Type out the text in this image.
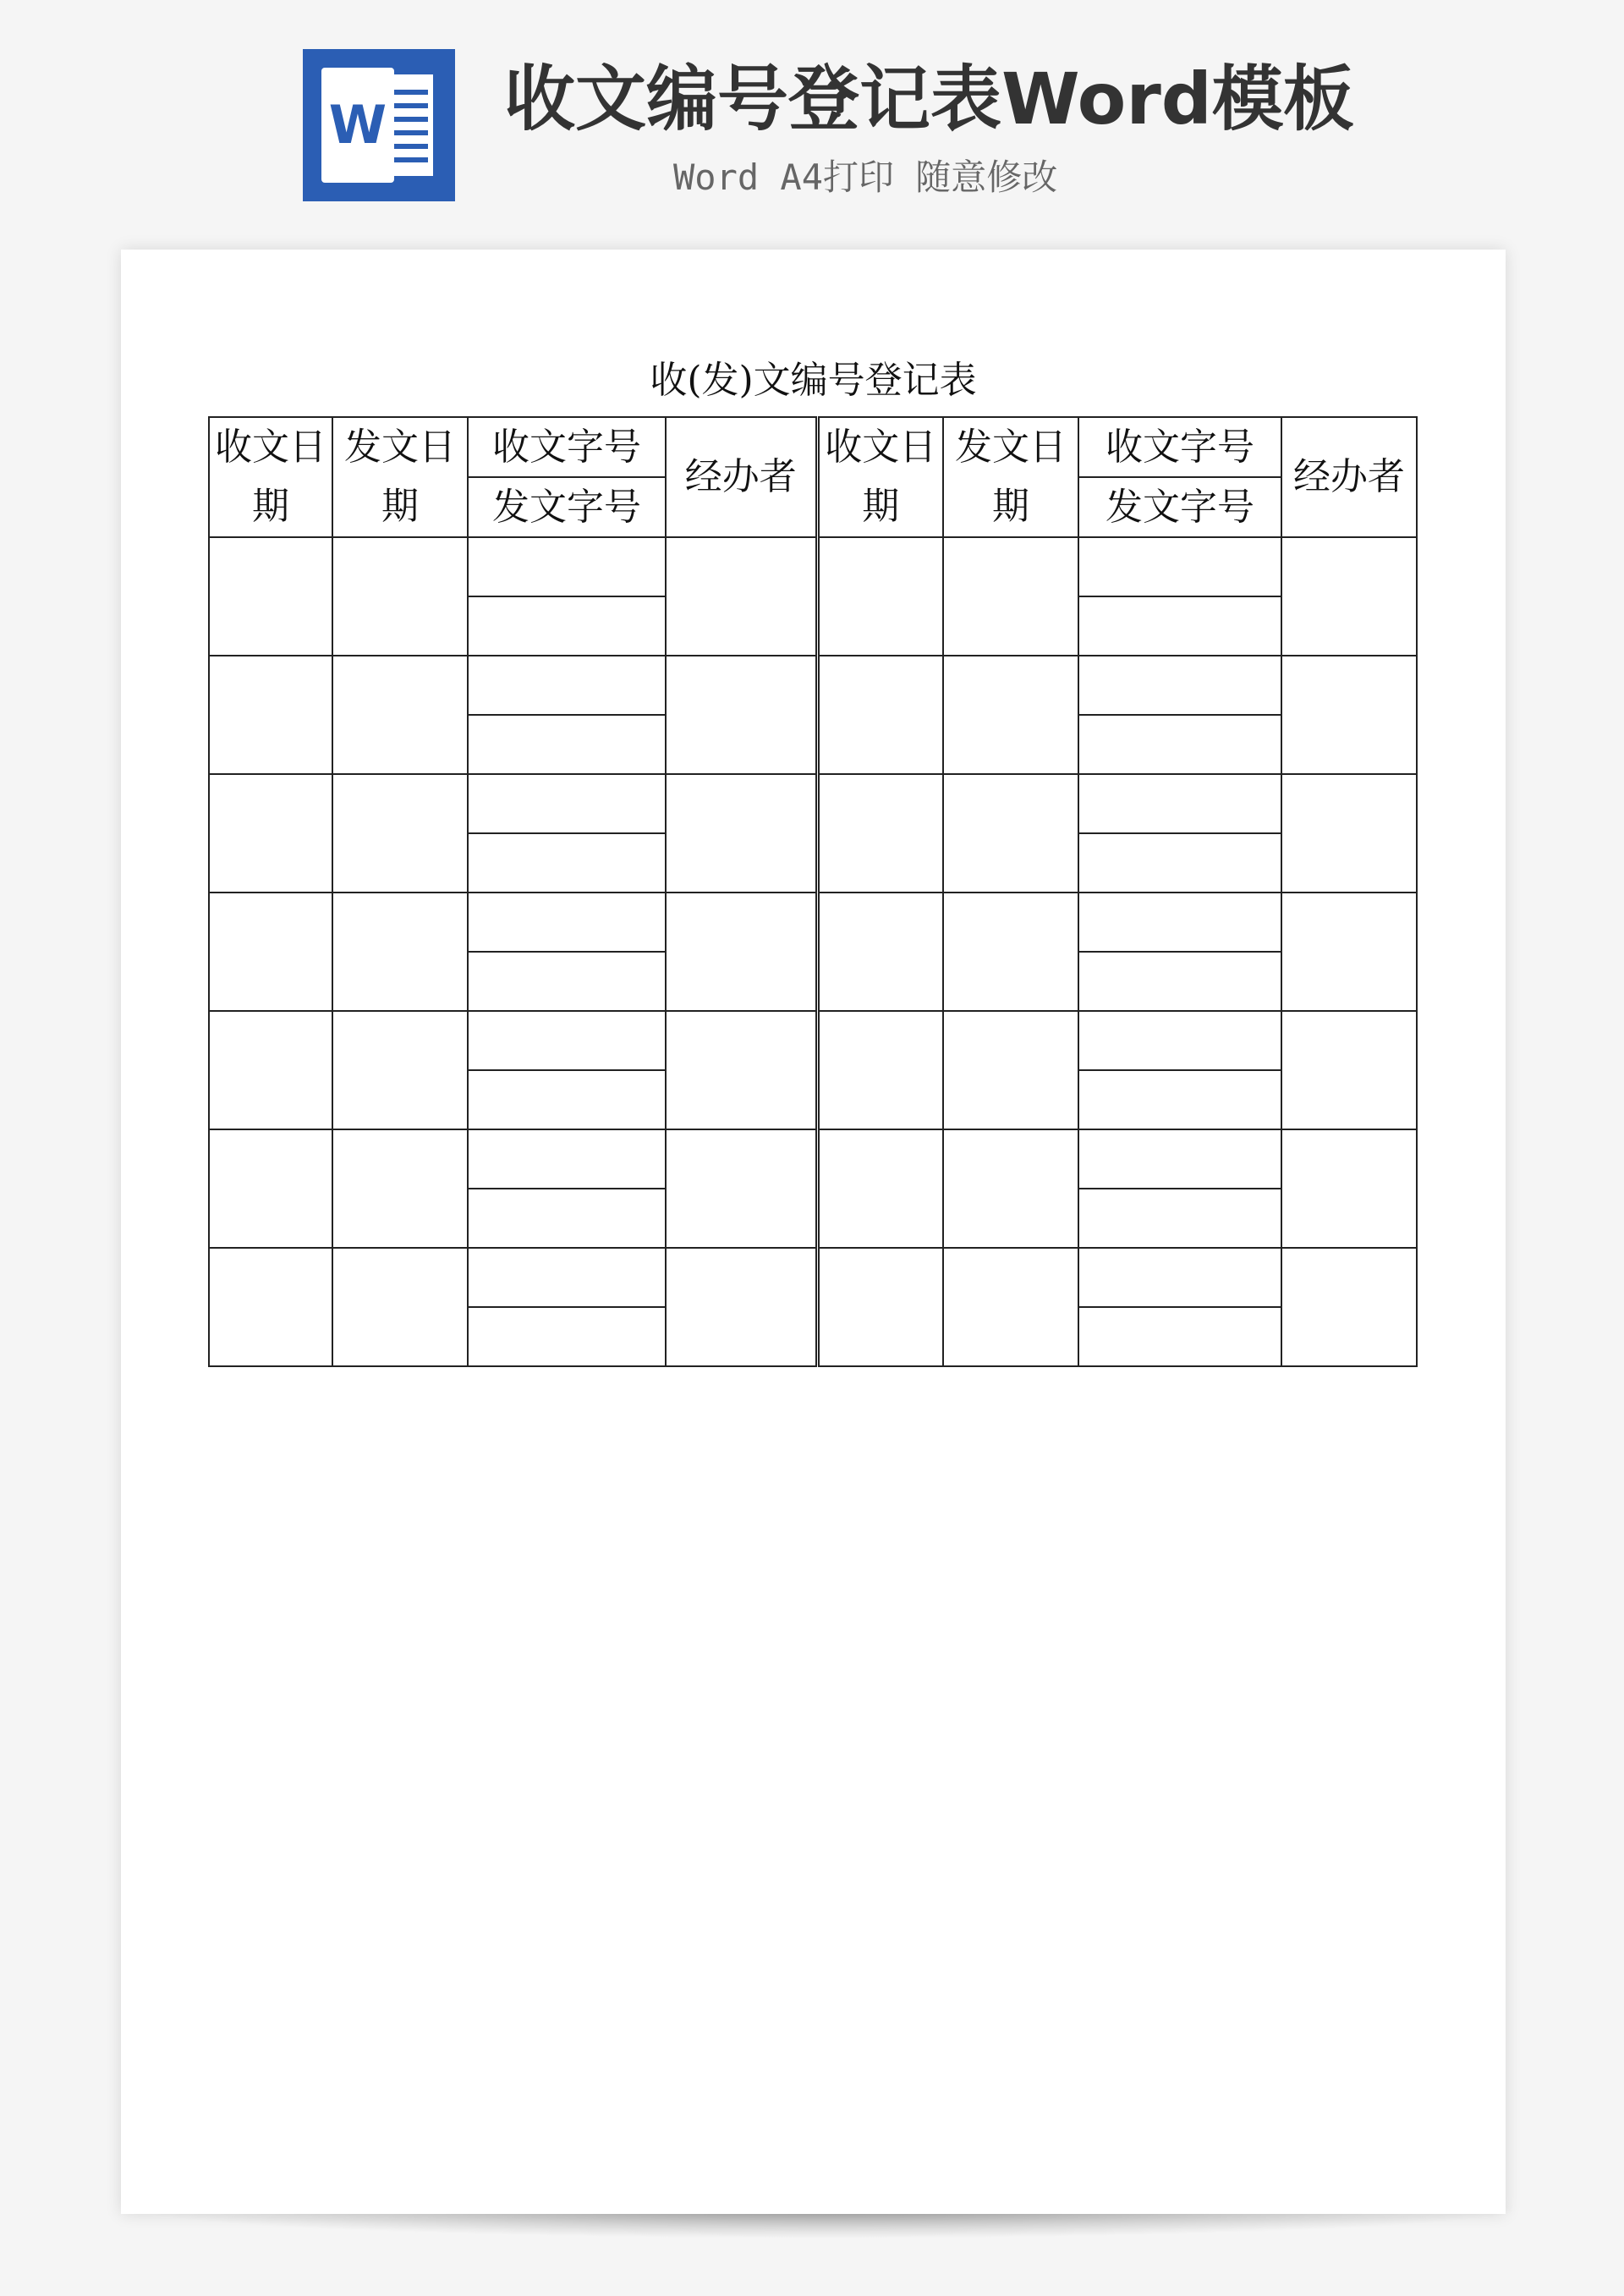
W 收文编号登记表Word模板
Word A4打印 随意修改
收(发)文编号登记表
收文日期	发文日期	收文字号	经办者	收文日期	发文日期	收文字号	经办者
		发文字号				发文字号	
